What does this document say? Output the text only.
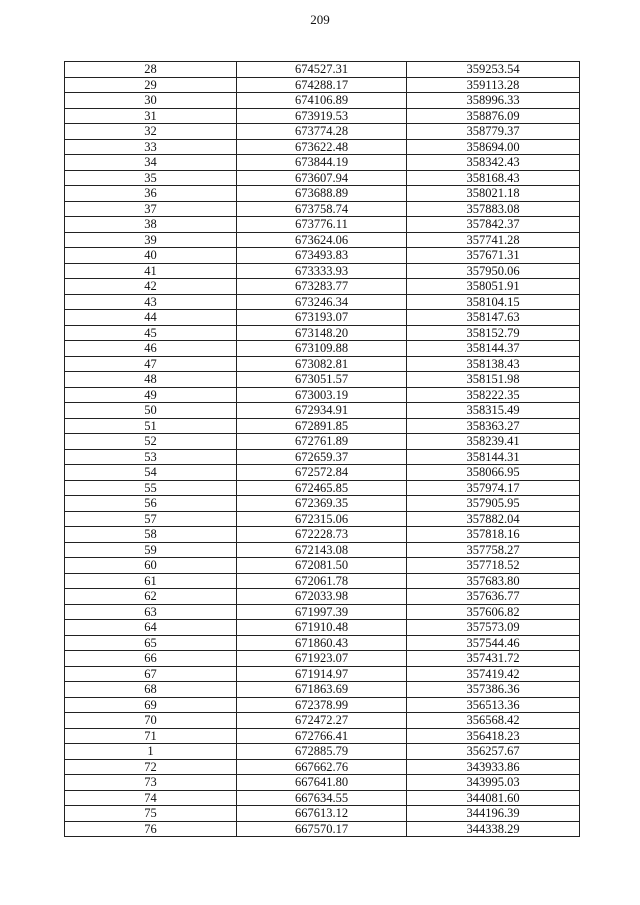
209
28	674527.31	359253.54
29	674288.17	359113.28
30	674106.89	358996.33
31	673919.53	358876.09
32	673774.28	358779.37
33	673622.48	358694.00
34	673844.19	358342.43
35	673607.94	358168.43
36	673688.89	358021.18
37	673758.74	357883.08
38	673776.11	357842.37
39	673624.06	357741.28
40	673493.83	357671.31
41	673333.93	357950.06
42	673283.77	358051.91
43	673246.34	358104.15
44	673193.07	358147.63
45	673148.20	358152.79
46	673109.88	358144.37
47	673082.81	358138.43
48	673051.57	358151.98
49	673003.19	358222.35
50	672934.91	358315.49
51	672891.85	358363.27
52	672761.89	358239.41
53	672659.37	358144.31
54	672572.84	358066.95
55	672465.85	357974.17
56	672369.35	357905.95
57	672315.06	357882.04
58	672228.73	357818.16
59	672143.08	357758.27
60	672081.50	357718.52
61	672061.78	357683.80
62	672033.98	357636.77
63	671997.39	357606.82
64	671910.48	357573.09
65	671860.43	357544.46
66	671923.07	357431.72
67	671914.97	357419.42
68	671863.69	357386.36
69	672378.99	356513.36
70	672472.27	356568.42
71	672766.41	356418.23
1	672885.79	356257.67
72	667662.76	343933.86
73	667641.80	343995.03
74	667634.55	344081.60
75	667613.12	344196.39
76	667570.17	344338.29
